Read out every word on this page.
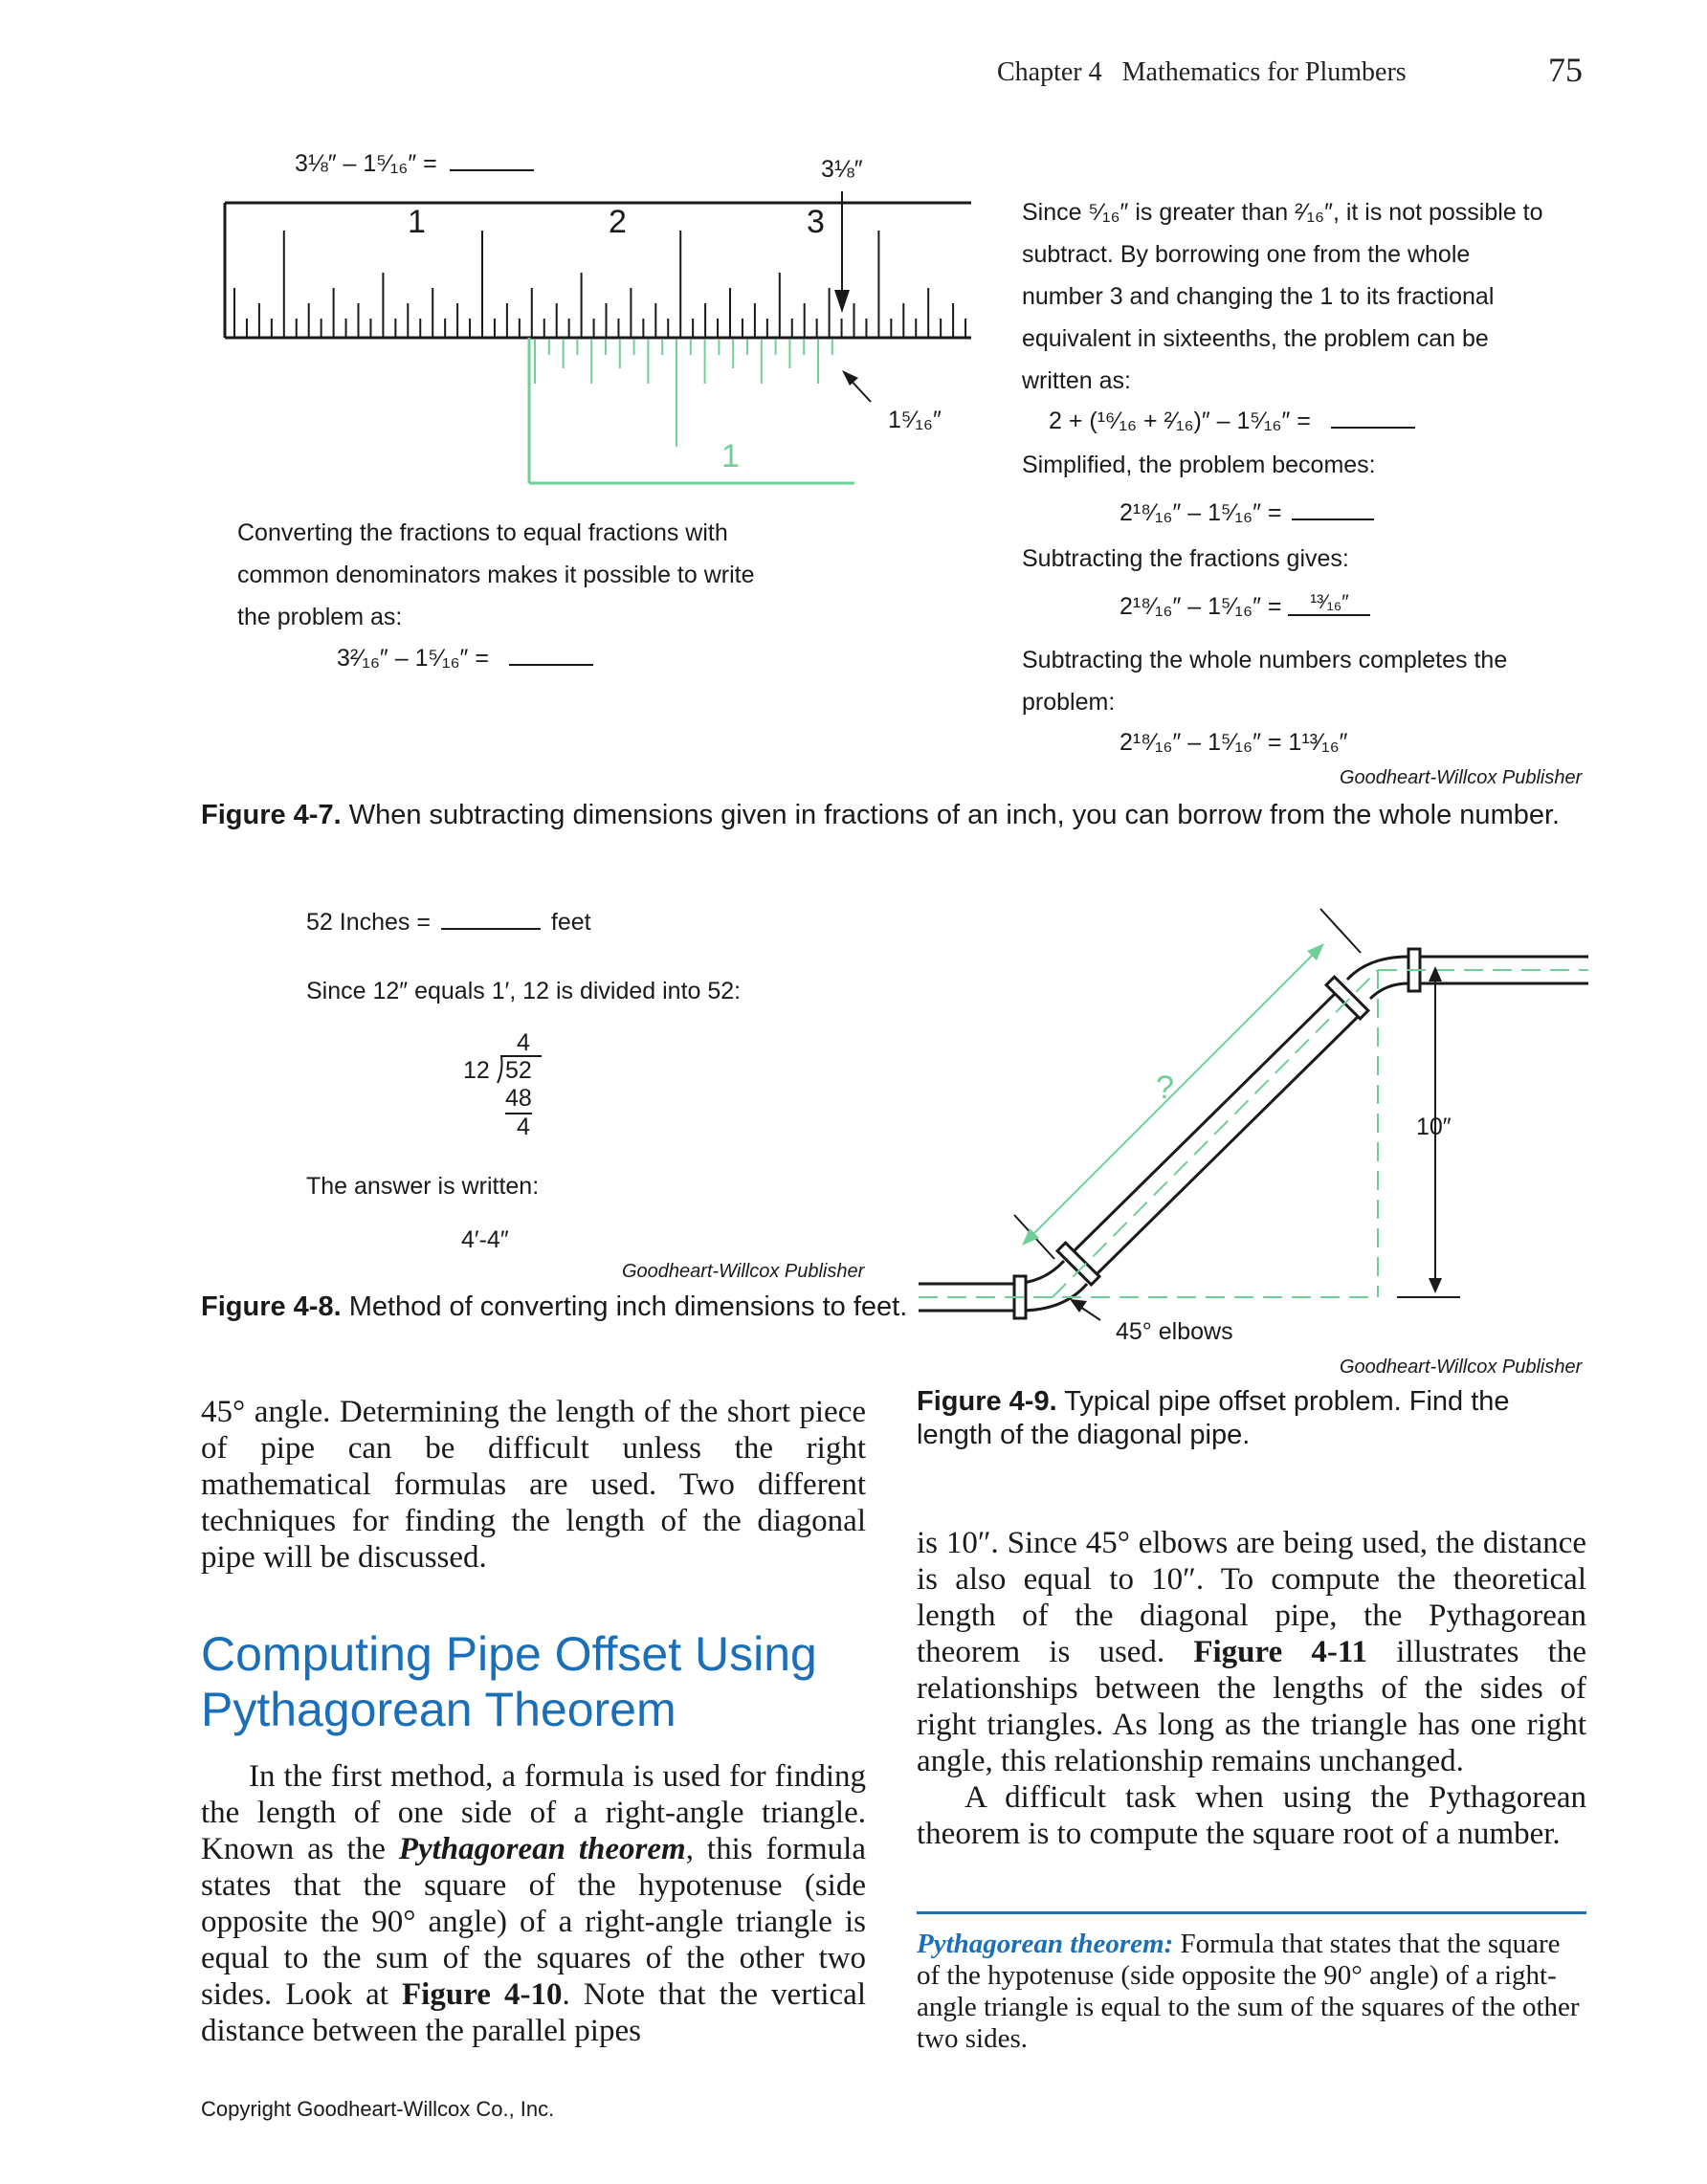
Chapter 4   Mathematics for Plumbers	75
3⅛″ – 1⁵⁄₁₆″ =	3⅛″
1	2	3
1⁵⁄₁₆″
1
Converting the fractions to equal fractions with
common denominators makes it possible to write
the problem as:
3²⁄₁₆″ – 1⁵⁄₁₆″ =
Since ⁵⁄₁₆″ is greater than ²⁄₁₆″, it is not possible to
subtract. By borrowing one from the whole
number 3 and changing the 1 to its fractional
equivalent in sixteenths, the problem can be
written as:
2 + (¹⁶⁄₁₆ + ²⁄₁₆)″ – 1⁵⁄₁₆″ =
Simplified, the problem becomes:
2¹⁸⁄₁₆″ – 1⁵⁄₁₆″ =
Subtracting the fractions gives:
2¹⁸⁄₁₆″ – 1⁵⁄₁₆″ = ¹³⁄₁₆″
Subtracting the whole numbers completes the
problem:
2¹⁸⁄₁₆″ – 1⁵⁄₁₆″ = 1¹³⁄₁₆″
Goodheart-Willcox Publisher
Figure 4-7. When subtracting dimensions given in fractions of an inch, you can borrow from the whole number.
52 Inches =	feet
Since 12″ equals 1′, 12 is divided into 52:
4
12 52
48
4
The answer is written:
4′-4″
Goodheart-Willcox Publisher
Figure 4-8. Method of converting inch dimensions to feet.
?
10″
45° elbows
Goodheart-Willcox Publisher
Figure 4-9. Typical pipe offset problem. Find the length of the diagonal pipe.
45° angle. Determining the length of the short piece of pipe can be difficult unless the right mathematical formulas are used. Two different techniques for finding the length of the diagonal pipe will be discussed.
Computing Pipe Offset Using
Pythagorean Theorem
In the first method, a formula is used for finding the length of one side of a right-angle triangle. Known as the Pythagorean theorem, this formula states that the square of the hypotenuse (side opposite the 90° angle) of a right-angle triangle is equal to the sum of the squares of the other two sides. Look at Figure 4-10. Note that the vertical distance between the parallel pipes
is 10″. Since 45° elbows are being used, the distance is also equal to 10″. To compute the theoretical length of the diagonal pipe, the Pythagorean theorem is used. Figure 4-11 illustrates the relationships between the lengths of the sides of right triangles. As long as the triangle has one right angle, this relationship remains unchanged.
A difficult task when using the Pythagorean theorem is to compute the square root of a number.
Pythagorean theorem: Formula that states that the square of the hypotenuse (side opposite the 90° angle) of a right-angle triangle is equal to the sum of the squares of the other two sides.
Copyright Goodheart-Willcox Co., Inc.
